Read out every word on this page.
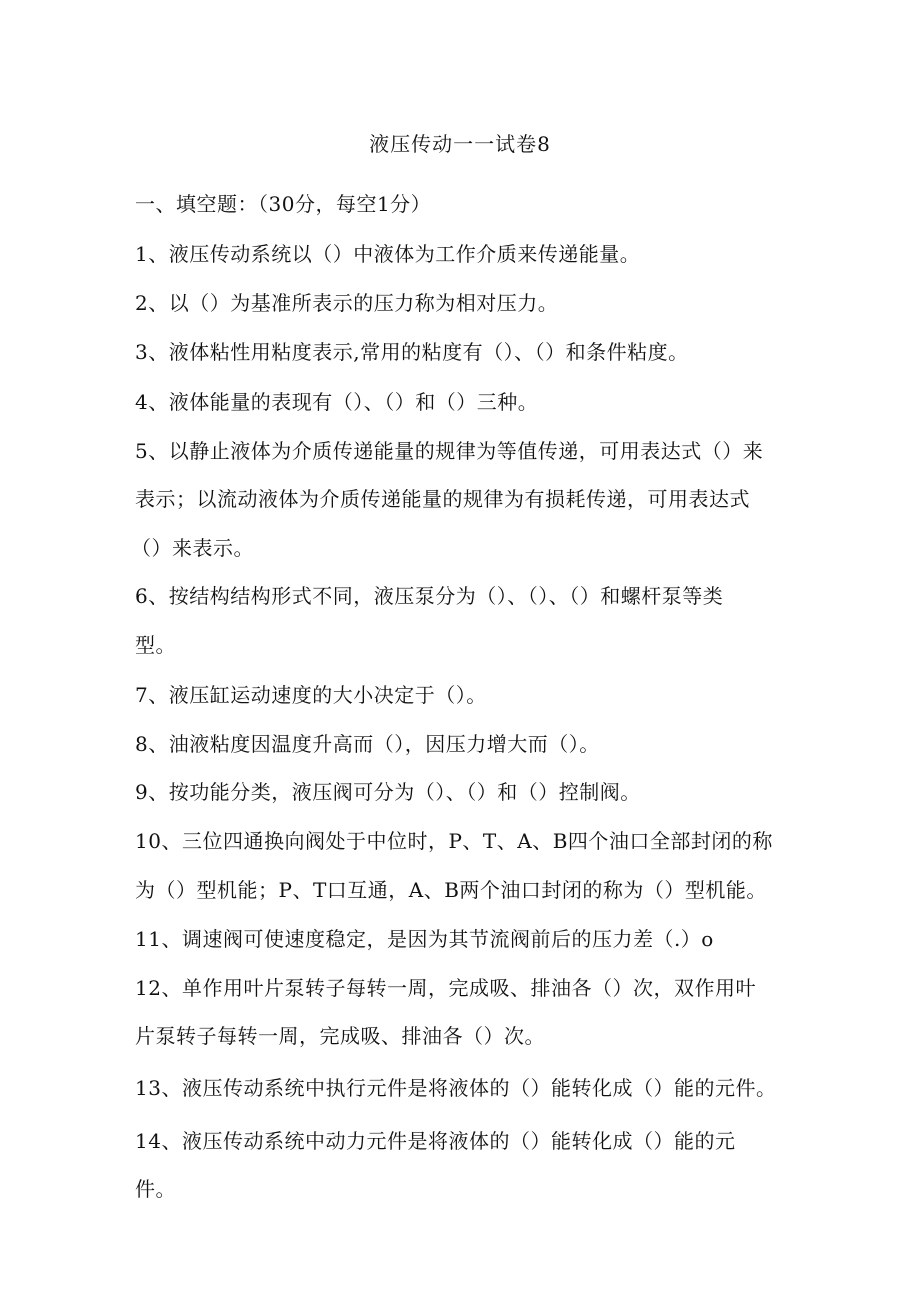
液压传动一一试卷8
一、填空题：（30分，每空1分）
1、液压传动系统以（）中液体为工作介质来传递能量。
2、以（）为基准所表示的压力称为相对压力。
3、液体粘性用粘度表示,常用的粘度有（）、（）和条件粘度。
4、液体能量的表现有（）、（）和（）三种。
5、以静止液体为介质传递能量的规律为等值传递，可用表达式（）来
表示；以流动液体为介质传递能量的规律为有损耗传递，可用表达式
（）来表示。
6、按结构结构形式不同，液压泵分为（）、（）、（）和螺杆泵等类
型。
7、液压缸运动速度的大小决定于（）。
8、油液粘度因温度升高而（），因压力增大而（）。
9、按功能分类，液压阀可分为（）、（）和（）控制阀。
10、三位四通换向阀处于中位时，P、T、A、B四个油口全部封闭的称
为（）型机能；P、T口互通，A、B两个油口封闭的称为（）型机能。
11、调速阀可使速度稳定，是因为其节流阀前后的压力差（.）o
12、单作用叶片泵转子每转一周，完成吸、排油各（）次，双作用叶
片泵转子每转一周，完成吸、排油各（）次。
13、液压传动系统中执行元件是将液体的（）能转化成（）能的元件。
14、液压传动系统中动力元件是将液体的（）能转化成（）能的元
件。
